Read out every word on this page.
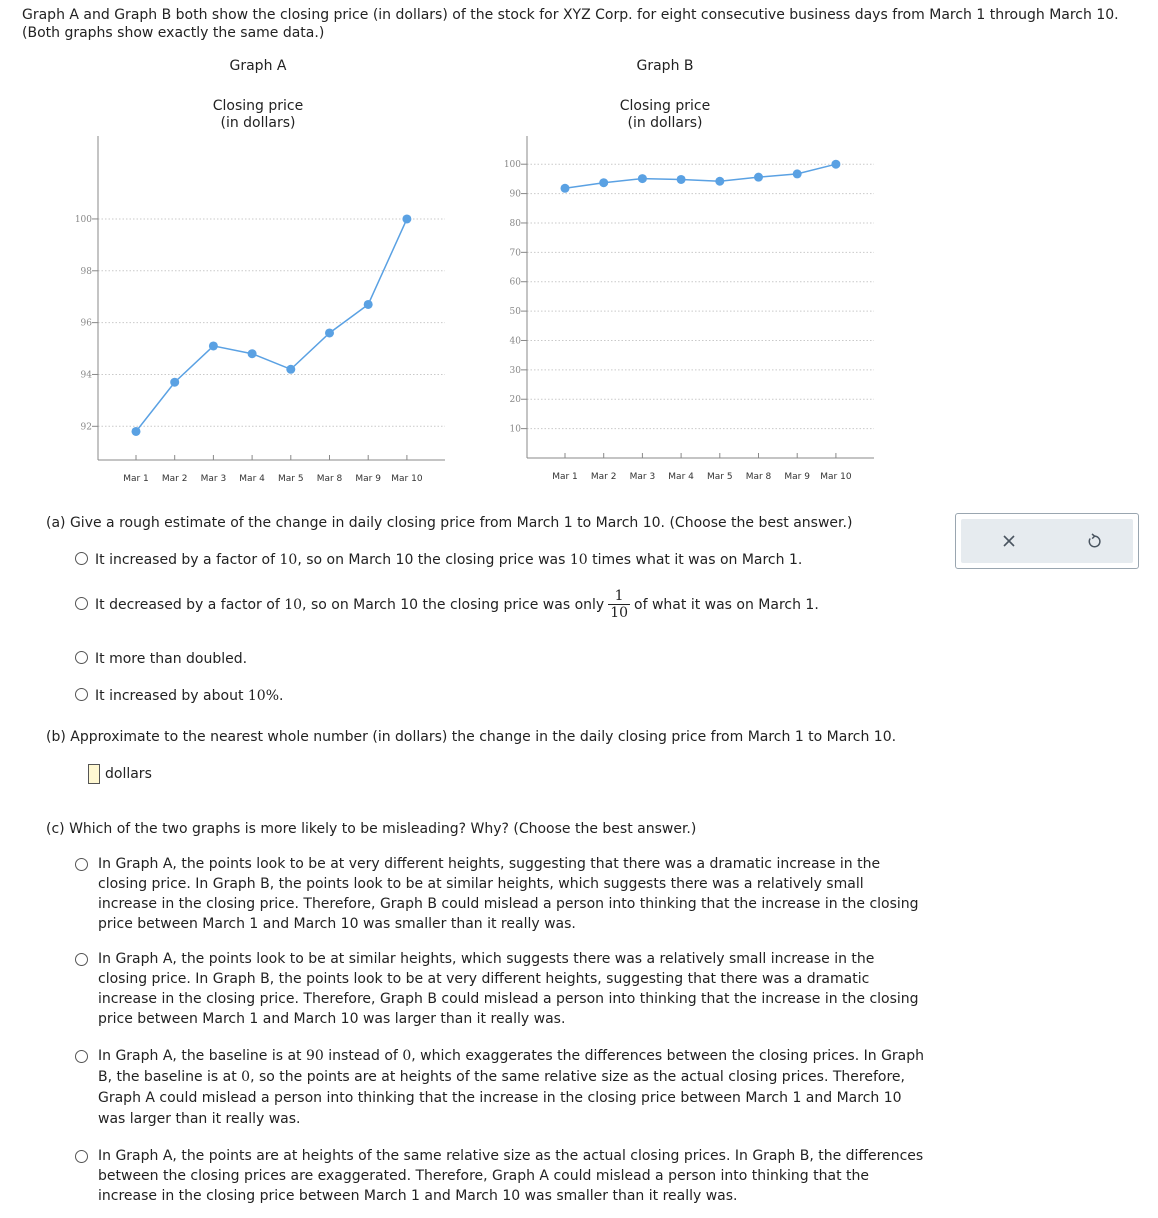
Graph A and Graph B both show the closing price (in dollars) of the stock for XYZ Corp. for eight consecutive business days from March 1 through March 10.
(Both graphs show exactly the same data.)
Graph A	Graph B
Closing price
(in dollars)
Closing price
(in dollars)
92
94
96
98
100
Mar 1 Mar 2 Mar 3 Mar 4 Mar 5 Mar 8 Mar 9 Mar 10
10
20
30
40
50
60
70
80
90
100
Mar 1 Mar 2 Mar 3 Mar 4 Mar 5 Mar 8 Mar 9 Mar 10
(a) Give a rough estimate of the change in daily closing price from March 1 to March 10. (Choose the best answer.)
It increased by a factor of 10, so on March 10 the closing price was 10 times what it was on March 1.
It decreased by a factor of 10, so on March 10 the closing price was only $\frac{1}{10}$ of what it was on March 1.
It more than doubled.
It increased by about 10%.
(b) Approximate to the nearest whole number (in dollars) the change in the daily closing price from March 1 to March 10.
dollars
(c) Which of the two graphs is more likely to be misleading? Why? (Choose the best answer.)
In Graph A, the points look to be at very different heights, suggesting that there was a dramatic increase in the
closing price. In Graph B, the points look to be at similar heights, which suggests there was a relatively small
increase in the closing price. Therefore, Graph B could mislead a person into thinking that the increase in the closing
price between March 1 and March 10 was smaller than it really was.
In Graph A, the points look to be at similar heights, which suggests there was a relatively small increase in the
closing price. In Graph B, the points look to be at very different heights, suggesting that there was a dramatic
increase in the closing price. Therefore, Graph B could mislead a person into thinking that the increase in the closing
price between March 1 and March 10 was larger than it really was.
In Graph A, the baseline is at 90 instead of 0, which exaggerates the differences between the closing prices. In Graph
B, the baseline is at 0, so the points are at heights of the same relative size as the actual closing prices. Therefore,
Graph A could mislead a person into thinking that the increase in the closing price between March 1 and March 10
was larger than it really was.
In Graph A, the points are at heights of the same relative size as the actual closing prices. In Graph B, the differences
between the closing prices are exaggerated. Therefore, Graph A could mislead a person into thinking that the
increase in the closing price between March 1 and March 10 was smaller than it really was.
